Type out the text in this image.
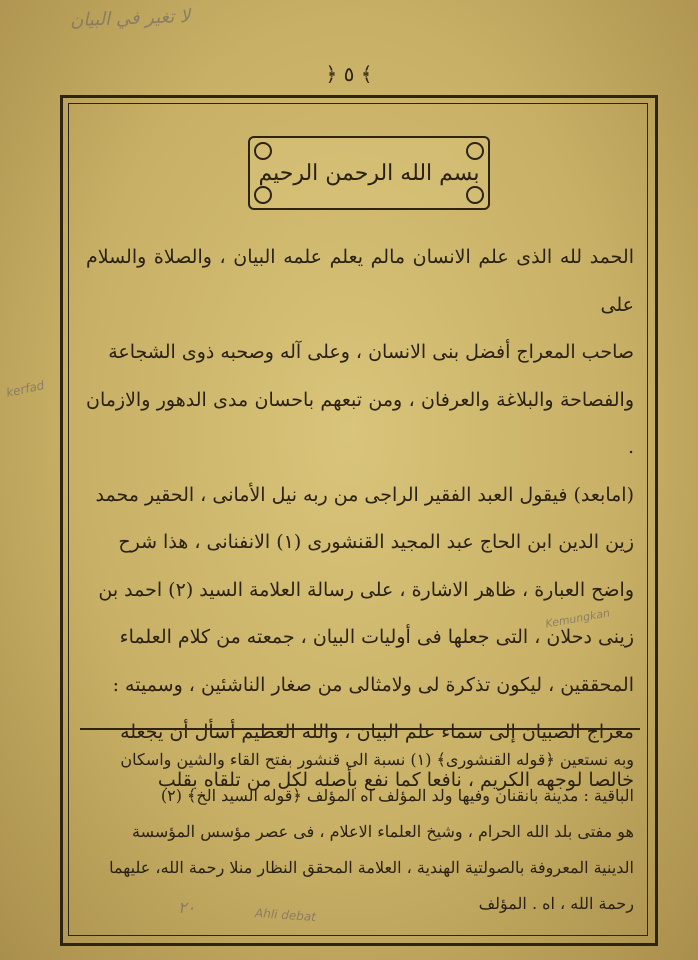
لا تغير في البيان
kerfad
Kemungkan
٢٠	Ahli debat
﴿ ٥ ﴾
بسم الله الرحمن الرحيم
الحمد لله الذى علم الانسان مالم يعلم علمه البيان ، والصلاة والسلام على
صاحب المعراج أفضل بنى الانسان ، وعلى آله وصحبه ذوى الشجاعة
والفصاحة والبلاغة والعرفان ، ومن تبعهم باحسان مدى الدهور والازمان .
(امابعد) فيقول العبد الفقير الراجى من ربه نيل الأمانى ، الحقير محمد
زين الدين ابن الحاج عبد المجيد القنشورى (١) الانفنانى ، هذا شرح
واضح العبارة ، ظاهر الاشارة ، على رسالة العلامة السيد (٢) احمد بن
زينى دحلان ، التى جعلها فى أوليات البيان ، جمعته من كلام العلماء
المحققين ، ليكون تذكرة لى ولامثالى من صغار الناشئين ، وسميته :
معراج الصبيان إلى سماء علم البيان ، والله العظيم أسأل أن يجعله
خالصا لوجهه الكريم ، نافعا كما نفع بأصله لكل من تلقاه بقلب
وبه نستعين ﴿قوله القنشورى﴾ (١) نسبة الى قنشور بفتح القاء والشين واسكان
الباقية : مدينة بانقنان وفيها ولد المؤلف اه المؤلف ﴿قوله السيد الخ﴾ (٢)
هو مفتى بلد الله الحرام ، وشيخ العلماء الاعلام ، فى عصر مؤسس المؤسسة
الدينية المعروفة بالصولتية الهندية ، العلامة المحقق النظار منلا رحمة الله، عليهما
رحمة الله ، اه . المؤلف
